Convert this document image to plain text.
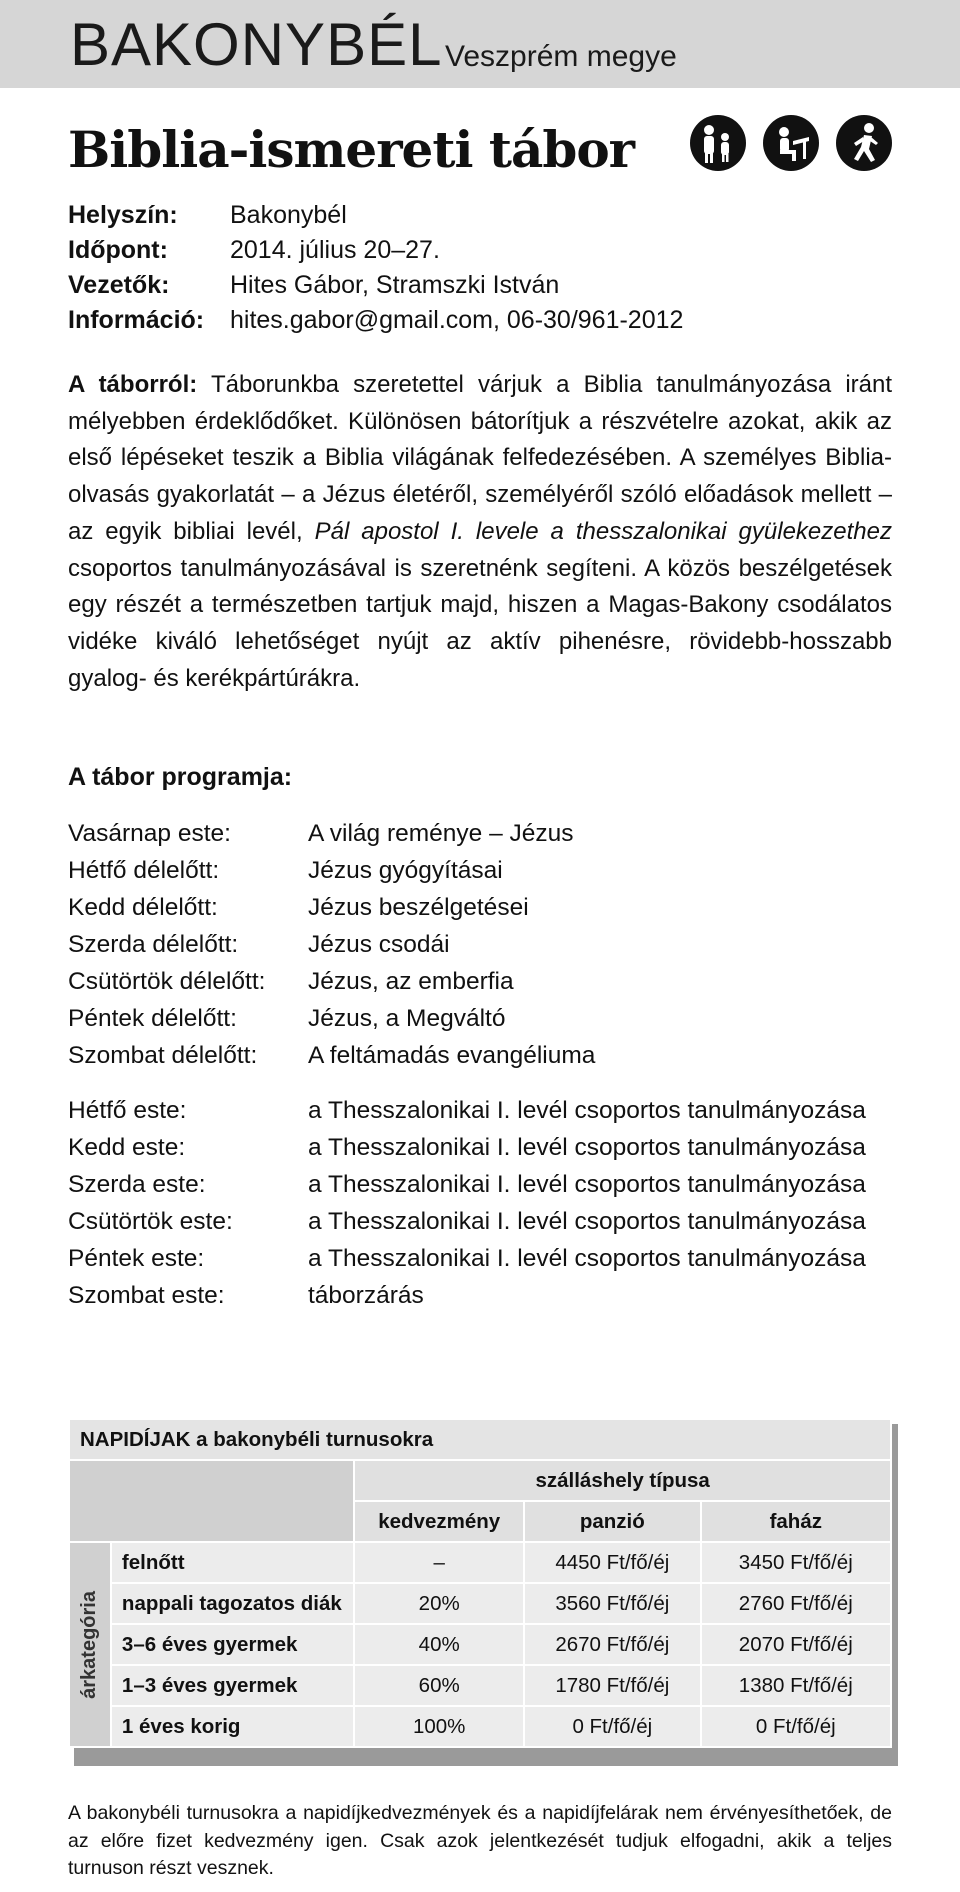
BAKONYBÉL Veszprém megye
Biblia-ismereti tábor
Helyszín: Bakonybél
Időpont: 2014. július 20–27.
Vezetők: Hites Gábor, Stramszki István
Információ: hites.gabor@gmail.com, 06-30/961-2012
A táborról: Táborunkba szeretettel várjuk a Biblia tanulmányozása iránt mélyebben érdeklődőket. Különösen bátorítjuk a részvételre azokat, akik az első lépéseket teszik a Biblia világának felfedezésében. A személyes Biblia-olvasás gyakorlatát – a Jézus életéről, személyéről szóló előadások mellett – az egyik bibliai levél, Pál apostol I. levele a thesszalonikai gyülekezethez csoportos tanulmányozásával is szeretnénk segíteni. A közös beszélgetések egy részét a természetben tartjuk majd, hiszen a Magas-Bakony csodálatos vidéke kiváló lehetőséget nyújt az aktív pihenésre, rövidebb-hosszabb gyalog- és kerékpártúrákra.
A tábor programja:
Vasárnap este:	A világ reménye – Jézus
Hétfő délelőtt:	Jézus gyógyításai
Kedd délelőtt:	Jézus beszélgetései
Szerda délelőtt:	Jézus csodái
Csütörtök délelőtt: Jézus, az emberfia
Péntek délelőtt:	Jézus, a Megváltó
Szombat délelőtt: A feltámadás evangéliuma
Hétfő este:	a Thesszalonikai I. levél csoportos tanulmányozása
Kedd este:	a Thesszalonikai I. levél csoportos tanulmányozása
Szerda este:	a Thesszalonikai I. levél csoportos tanulmányozása
Csütörtök este:	a Thesszalonikai I. levél csoportos tanulmányozása
Péntek este:	a Thesszalonikai I. levél csoportos tanulmányozása
Szombat este:	táborzárás
NAPIDÍJAK a bakonybéli turnusokra				
		szálláshely típusa		
		kedvezmény	panzió	faház

árkategória	felnőtt	–	4450 Ft/fő/éj	3450 Ft/fő/éj
	nappali tagozatos diák	20%	3560 Ft/fő/éj	2760 Ft/fő/éj
	3–6 éves gyermek	40%	2670 Ft/fő/éj	2070 Ft/fő/éj
	1–3 éves gyermek	60%	1780 Ft/fő/éj	1380 Ft/fő/éj
	1 éves korig	100%	0 Ft/fő/éj	0 Ft/fő/éj
A bakonybéli turnusokra a napidíjkedvezmények és a napidíjfelárak nem érvényesíthetőek, de az előre fizet kedvezmény igen. Csak azok jelentkezését tudjuk elfogadni, akik a teljes turnuson részt vesznek.
